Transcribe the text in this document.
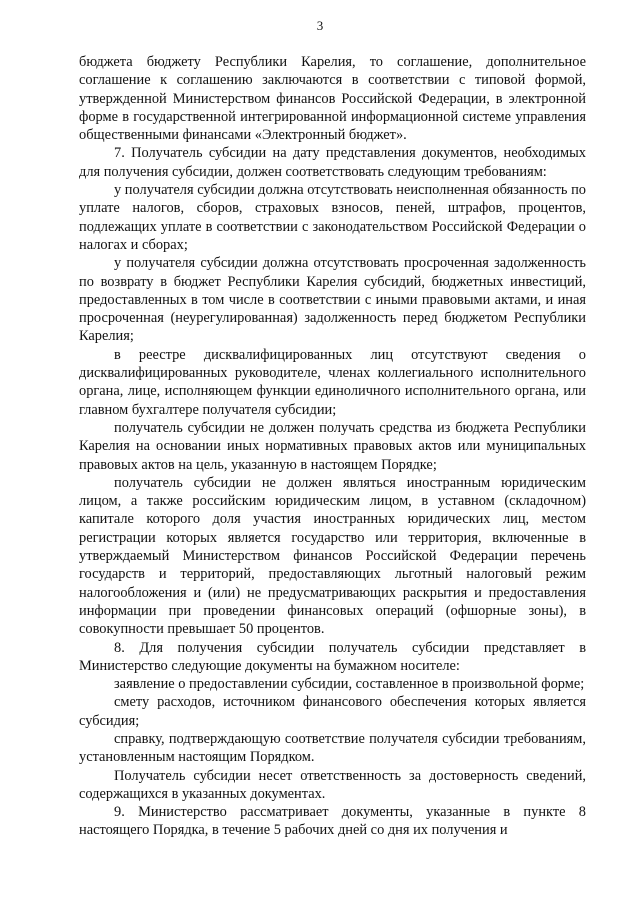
3

бюджета бюджету Республики Карелия, то соглашение, дополнительное соглашение к соглашению заключаются в соответствии с типовой формой, утвержденной Министерством финансов Российской Федерации, в электронной форме в государственной интегрированной информационной системе управления общественными финансами «Электронный бюджет».

7. Получатель субсидии на дату представления документов, необходимых для получения субсидии, должен соответствовать следующим требованиям:

у получателя субсидии должна отсутствовать неисполненная обязанность по уплате налогов, сборов, страховых взносов, пеней, штрафов, процентов, подлежащих уплате в соответствии с законодательством Российской Федерации о налогах и сборах;

у получателя субсидии должна отсутствовать просроченная задолженность по возврату в бюджет Республики Карелия субсидий, бюджетных инвестиций, предоставленных в том числе в соответствии с иными правовыми актами, и иная просроченная (неурегулированная) задолженность перед бюджетом Республики Карелия;

в реестре дисквалифицированных лиц отсутствуют сведения о дисквалифицированных руководителе, членах коллегиального исполнительного органа, лице, исполняющем функции единоличного исполнительного органа, или главном бухгалтере получателя субсидии;

получатель субсидии не должен получать средства из бюджета Республики Карелия на основании иных нормативных правовых актов или муниципальных правовых актов на цель, указанную в настоящем Порядке;

получатель субсидии не должен являться иностранным юридическим лицом, а также российским юридическим лицом, в уставном (складочном) капитале которого доля участия иностранных юридических лиц, местом регистрации которых является государство или территория, включенные в утверждаемый Министерством финансов Российской Федерации перечень государств и территорий, предоставляющих льготный налоговый режим налогообложения и (или) не предусматривающих раскрытия и предоставления информации при проведении финансовых операций (офшорные зоны), в совокупности превышает 50 процентов.

8. Для получения субсидии получатель субсидии представляет в Министерство следующие документы на бумажном носителе:

заявление о предоставлении субсидии, составленное в произвольной форме;

смету расходов, источником финансового обеспечения которых является субсидия;

справку, подтверждающую соответствие получателя субсидии требованиям, установленным настоящим Порядком.

Получатель субсидии несет ответственность за достоверность сведений, содержащихся в указанных документах.

9. Министерство рассматривает документы, указанные в пункте 8 настоящего Порядка, в течение 5 рабочих дней со дня их получения и
